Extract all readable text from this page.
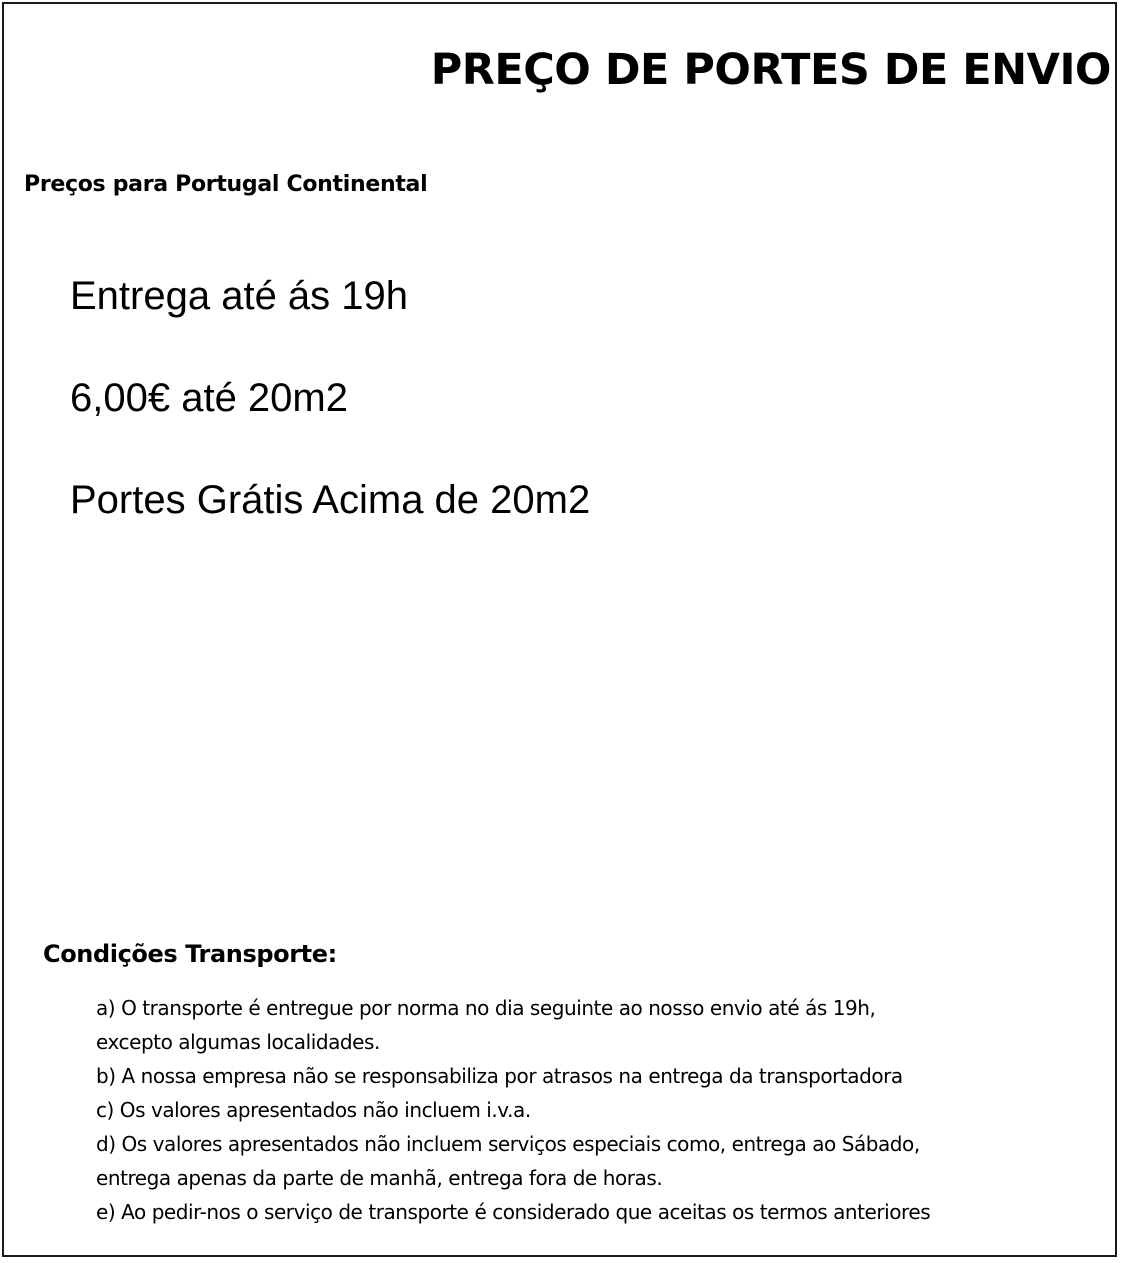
PREÇO DE PORTES DE ENVIO
Preços para Portugal Continental
Entrega até ás 19h
6,00€ até 20m2
Portes Grátis Acima de 20m2
Condições Transporte:
a) O transporte é entregue por norma no dia seguinte ao nosso envio até ás 19h,
excepto algumas localidades.
b) A nossa empresa não se responsabiliza por atrasos na entrega da transportadora
c) Os valores apresentados não incluem i.v.a.
d) Os valores apresentados não incluem serviços especiais como, entrega ao Sábado,
entrega apenas da parte de manhã, entrega fora de horas.
e) Ao pedir-nos o serviço de transporte é considerado que aceitas os termos anteriores
